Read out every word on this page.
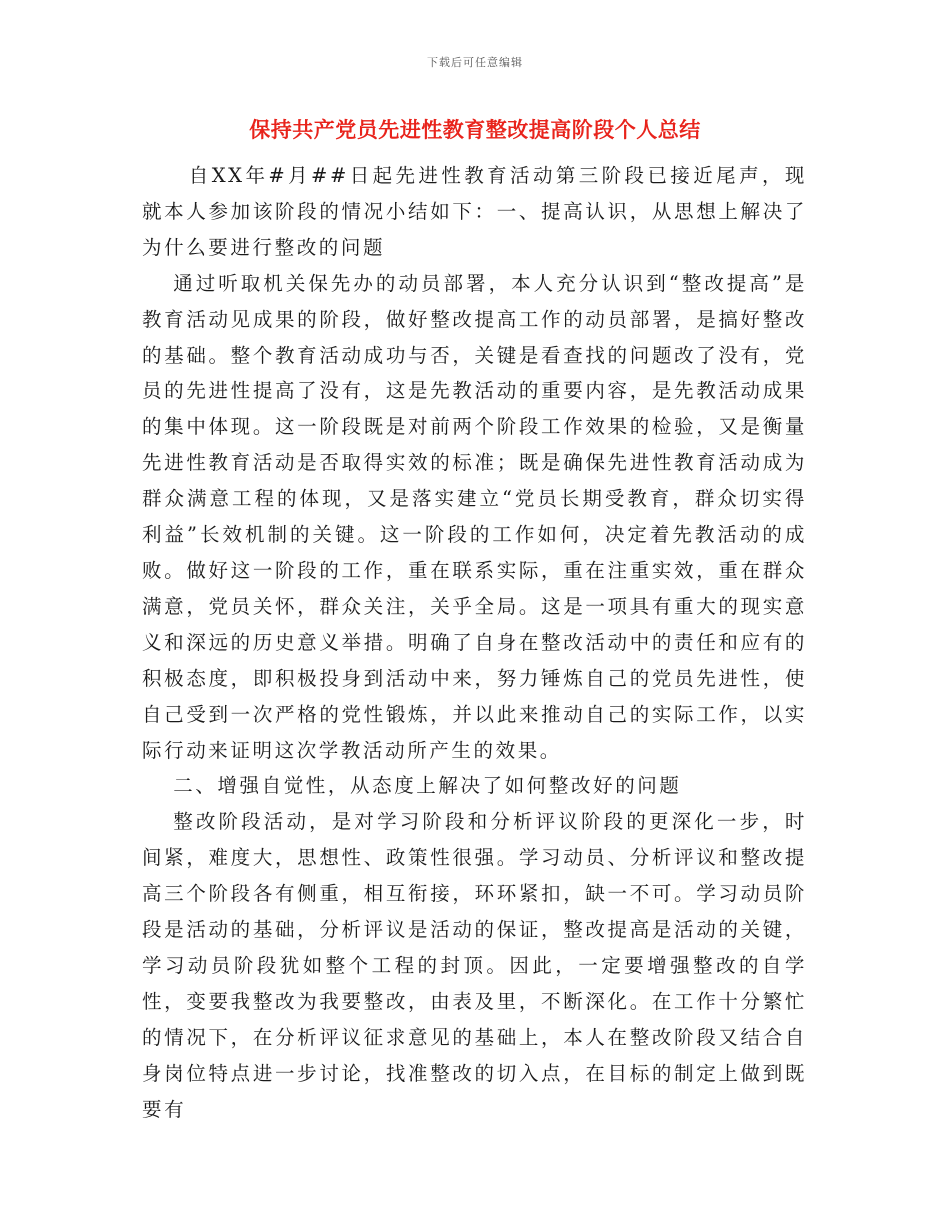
下载后可任意编辑
保持共产党员先进性教育整改提高阶段个人总结

自XX年#月##日起先进性教育活动第三阶段已接近尾声，现就本人参加该阶段的情况小结如下：一、提高认识，从思想上解决了为什么要进行整改的问题

通过听取机关保先办的动员部署，本人充分认识到“整改提高”是教育活动见成果的阶段，做好整改提高工作的动员部署，是搞好整改的基础。整个教育活动成功与否，关键是看查找的问题改了没有，党员的先进性提高了没有，这是先教活动的重要内容，是先教活动成果的集中体现。这一阶段既是对前两个阶段工作效果的检验，又是衡量先进性教育活动是否取得实效的标准；既是确保先进性教育活动成为群众满意工程的体现，又是落实建立“党员长期受教育，群众切实得利益”长效机制的关键。这一阶段的工作如何，决定着先教活动的成败。做好这一阶段的工作，重在联系实际，重在注重实效，重在群众满意，党员关怀，群众关注，关乎全局。这是一项具有重大的现实意义和深远的历史意义举措。明确了自身在整改活动中的责任和应有的积极态度，即积极投身到活动中来，努力锤炼自己的党员先进性，使自己受到一次严格的党性锻炼，并以此来推动自己的实际工作，以实际行动来证明这次学教活动所产生的效果。

二、增强自觉性，从态度上解决了如何整改好的问题

整改阶段活动，是对学习阶段和分析评议阶段的更深化一步，时间紧，难度大，思想性、政策性很强。学习动员、分析评议和整改提高三个阶段各有侧重，相互衔接，环环紧扣，缺一不可。学习动员阶段是活动的基础，分析评议是活动的保证，整改提高是活动的关键，学习动员阶段犹如整个工程的封顶。因此，一定要增强整改的自学性，变要我整改为我要整改，由表及里，不断深化。在工作十分繁忙的情况下，在分析评议征求意见的基础上，本人在整改阶段又结合自身岗位特点进一步讨论，找准整改的切入点，在目标的制定上做到既要有
